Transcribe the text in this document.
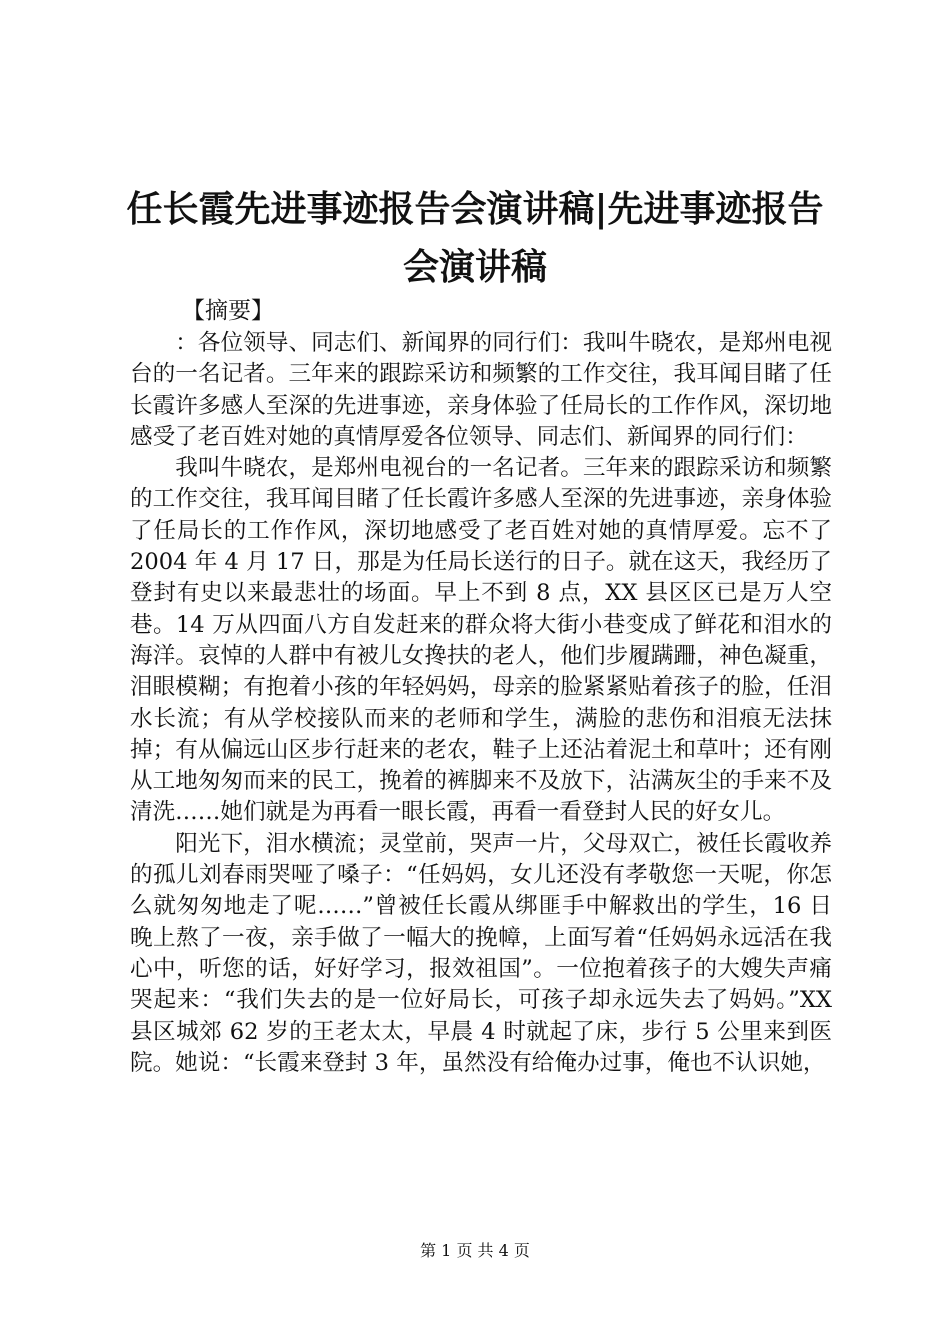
任长霞先进事迹报告会演讲稿|先进事迹报告会演讲稿
【摘要】

：各位领导、同志们、新闻界的同行们：我叫牛晓农，是郑州电视台的一名记者。三年来的跟踪采访和频繁的工作交往，我耳闻目睹了任长霞许多感人至深的先进事迹，亲身体验了任局长的工作作风，深切地感受了老百姓对她的真情厚爱各位领导、同志们、新闻界的同行们：

我叫牛晓农，是郑州电视台的一名记者。三年来的跟踪采访和频繁的工作交往，我耳闻目睹了任长霞许多感人至深的先进事迹，亲身体验了任局长的工作作风，深切地感受了老百姓对她的真情厚爱。忘不了 2004 年 4 月 17 日，那是为任局长送行的日子。就在这天，我经历了登封有史以来最悲壮的场面。早上不到 8 点，XX 县区区已是万人空巷。14 万从四面八方自发赶来的群众将大街小巷变成了鲜花和泪水的海洋。哀悼的人群中有被儿女搀扶的老人，他们步履蹒跚，神色凝重，泪眼模糊；有抱着小孩的年轻妈妈，母亲的脸紧紧贴着孩子的脸，任泪水长流；有从学校接队而来的老师和学生，满脸的悲伤和泪痕无法抹掉；有从偏远山区步行赶来的老农，鞋子上还沾着泥土和草叶；还有刚从工地匆匆而来的民工，挽着的裤脚来不及放下，沾满灰尘的手来不及清洗……她们就是为再看一眼长霞，再看一看登封人民的好女儿。

阳光下，泪水横流；灵堂前，哭声一片，父母双亡，被任长霞收养的孤儿刘春雨哭哑了嗓子：“任妈妈，女儿还没有孝敬您一天呢，你怎么就匆匆地走了呢……”曾被任长霞从绑匪手中解救出的学生，16 日晚上熬了一夜，亲手做了一幅大的挽幛，上面写着“任妈妈永远活在我心中，听您的话，好好学习，报效祖国”。一位抱着孩子的大嫂失声痛哭起来：“我们失去的是一位好局长，可孩子却永远失去了妈妈。”XX 县区城郊 62 岁的王老太太，早晨 4 时就起了床，步行 5 公里来到医院。她说：“长霞来登封 3 年，虽然没有给俺办过事，俺也不认识她，

第 1 页 共 4 页
